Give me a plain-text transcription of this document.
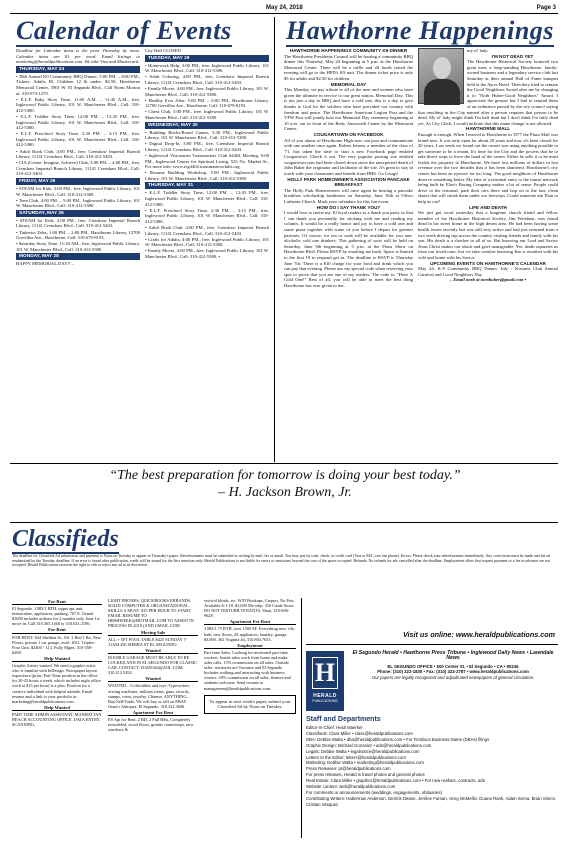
May 24, 2018	Page 3
Calendar of Events

Deadline for Calendar items is the prior Thursday by noon. Calendar items are $1 per word. Email listings to marketing@heraldpublications.com. We take Visa and Mastercard.

THURSDAY, MAY 24

• 38th Annual K9 Community BBQ Dinner, 5:00 PM. – 8:00 PM., Tickets: Adults $5, Children 12 & under: $2.50, Hawthorne Memorial Center, 3901 W. El Segundo Blvd., Call Norm Morton at: 310-973-1270.

• E.L.F. Baby Story Time, 11:00 A.M. – 11:45 A.M., free, Inglewood Public Library, 101 W. Manchester Blvd., Call: 310-412-5380.

• E.L.F. Toddler Story Time, 12:00 PM. – 12:45 PM., free, Inglewood Public Library, 101 W. Manchester Blvd., Call: 310-412-5380.

• E.L.F. Preschool Story Time, 2:30 PM. – 3:15 PM., free, Inglewood Public Library, 101 W. Manchester Blvd., Call: 310-412-5380.

• Adult Book Club, 4:00 PM., free, Crenshaw Imperial Branch Library, 11141 Crenshaw Blvd., Call: 310-412-5403.

• CIA (Create, Imagine, Achieve) Club, 3:00 PM. – 4:00 PM., free, Crenshaw Imperial Branch Library, 11141 Crenshaw Blvd., Call: 310-412-5403.

FRIDAY, MAY 25

• STEAM for Kids, 3:00 PM., free, Inglewood Public Library, 101 W. Manchester Blvd., Call: 310-412-5380.

• Teen Club, 4:00 PM. – 5:00 PM., Inglewood Public Library, 101 W. Manchester Blvd., Call: 310-412-5380.

SATURDAY, MAY 26

• STEAM for Kids, 2:00 PM., free, Crenshaw Imperial Branch Library, 11141 Crenshaw Blvd., Call: 310-412-5403.

• Tinkertot Tales, 1:00 PM. – 2:00 PM., Hawthorne Library, 12700 Grevillea Ave., Hawthorne, Call: 310-679-8193.

• Saturday Story Time, 11:30 AM., free, Inglewood Public Library, 101 W. Manchester Blvd., Call: 310-412-5380.

MONDAY, MAY 28

HAPPY MEMORIAL DAY!! –

City Hall CLOSED

TUESDAY, MAY 29

• Homework Help, 3:00 PM., free, Inglewood Public Library, 101 W. Manchester Blvd., Call: 310-412-5380.

• Adult Coloring, 4:00 PM., free, Crenshaw Imperial Branch Library, 11141 Crenshaw Blvd., Call: 310-412-5403.

• Family Movie, 4:00 PM., free, Inglewood Public Library, 101 W. Manchester Blvd., Call: 310-412-5380.

• Healthy Ever After, 5:00 PM. – 6:00 PM., Hawthorne Library, 12700 Grevillea Ave., Hawthorne, Call: 310-679-8193.

• Chess Club, 5:00 PM., free, Inglewood Public Library, 101 W. Manchester Blvd., Call: 310-412-5380.

WEDNESDAY, MAY 30

• Building Bricks/Board Games, 3:30 PM., Inglewood Public Library, 101 W. Manchester Blvd., Call: 310-412-5380.

• Digital Drop-In, 3:00 PM., free, Crenshaw Imperial Branch Library, 11141 Crenshaw Blvd., Call: 310-412-5403.

• Inglewood Visionaries Toastmasters Club #4404 Meeting, 6:00 PM., Inglewood Center for Spiritual Living, 525 No. Market St., For more info: www.ivg4404.toastmastersclubs.org.

• Resume Building Workshop, 5:00 PM., Inglewood Public Library, 101 W. Manchester Blvd., Call: 310-412-5380.

THURSDAY, MAY 31

• E.L.F. Toddler Story Time, 12:00 PM. – 12:45 PM., free, Inglewood Public Library, 101 W. Manchester Blvd., Call: 310-412-5380.

• E.L.F. Preschool Story Time, 2:30 PM. – 3:15 PM., free, Inglewood Public Library, 101 W. Manchester Blvd., Call: 310-412-5380.

• Adult Book Club, 4:00 PM., free, Crenshaw Imperial Branch Library, 11141 Crenshaw Blvd., Call: 310-412-5403.

• Crafts for Adults, 4:00 PM., free, Inglewood Public Library, 101 W. Manchester Blvd., Call: 310-412-5380.

• Family Movie, 4:00 PM., free, Inglewood Public Library, 101 W. Manchester Blvd., Call: 310-412-5380. •

Hawthorne Happenings

HAWTHORNE HAPPENINGS COMMUNITY K9 DINNER

The Hawthorne Presidents Council will be hosting a community BBQ dinner this Thursday, May 24 beginning at 5 p.m. at the Hawthorne Memorial Center. There will be a raffle and all funds raised the evening will go to the HPD's K9 unit. The dinner ticket price is only $5 for adults and $2.50 for children.

MEMORIAL DAY

This Monday, we pay tribute to all of the men and women who have given the ultimate in service to our great nation, Memorial Day. This is not just a day to BBQ and have a cold one, this is a day to give thanks to God for the soldiers who have provided our country with freedom and peace. The Hawthorne American Legion Post and the VFW Post will jointly host our Memorial Day ceremony beginning at 10 a.m. out in front of the Betty Ainsworth Center by the Memorial Center.

COUGARTOWN ON FACEBOOK

All of you alums of Hawthorne High now can post and communicate with one another once again. Robert Jensen, a member of the class of '71, has taken the time to start a new Facebook page entitled Cougartown. Check it out. The very popular posting site entitled cougartown.com had been closed down since the unexpected death of John Baker the originator and facilitator of the site. It's great to stay in touch with your classmates and friends from HHS. Go Cougs!

HOLLY PARK HOMEOWNER'S ASSOCIATION PANCAKE BREAKFAST

The Holly Park Homeowners will once again be hosting a pancake breakfast scholarship fundraiser on Saturday, June 16th at Oliver Lutheran Church. Mark your calendars for this fun event.

HOW DO I SAY THANK YOU?

I would love to invite my 10 loyal readers to a thank you party so that I can thank you personally for sticking with me and reading my column. It would be a really honor and joy to have a cold one and some pizza together with some of you before I depart for greener pastures. Of course, ice tea or soda will be available for you non-alcoholic cold one drinkers. This gathering of sorts will be held on Saturday, June 9th beginning at 5 p.m. at the Pizza Show on Hawthorne Blvd. Please RSVP by emailing me back. Space is limited to the first 10 to respond get in. The deadline to RSVP is Thursday June 7th. There is a $10 charge for your food and drink which you can pay that evening. Please use my special code when reserving your spot to prove that you are one of my readers. The code is: "Have A Cold One!" Best of all, you will be able to meet the best thing Hawthorne has ever given to me,

my ol' lady.

I'M NOT DEAD YET

The Hawthorne Historical Society honored two great men, a long-standing Hawthorne, family-owned business and a legendary service club last Saturday at their annual Hall of Fame banquet held at the Ayres Hotel. Then they tried to remain the Good Neighbors Award after me by changing it to "Norb Huber-Good Neighbors" Award. I appreciate the gesture but I had to remind them of an ordinance passed by the city council saying that anything in the City named after a person requires that person to be dead. My ol' lady might think I'm half dead but I don't think I'm fully dead yet. As City Clerk, I would indicate that this name change is not allowed.

HAWTHORNE MALL

Enough is enough. When I moved to Hawthorne in 1977 the Plaza Mall was brand new. It was only open for about 20 years and now it's been closed for 20 years. Last week we found out the owner was using anything possible to get someone to be a tenant. It's time for the City and the powers that be to take direct steps to force the hand of the owner. Either he sells it or he must forfeit the property to Hawthorne. We have lost millions of dollars in lost revenue over the two decades that it has been shuttered. Hawthorne's city center has been an eyesore far too long. The good neighbors of Hawthorne deserve something better. My idea of a terminal entry to the transit network being built by Elon's Boring Company makes a lot of sense. People could drive to the terminal, park their cars there and hop on to the fast, clean skates that will whisk them under our freeways. Could someone ask Elon to help us out?

LIFE AND DEATH

We just got word yesterday that a longtime church friend and fellow member of the Hawthorne Historical Society, Jim Weisbaur, was found dead in his street home in the high desert area. He had been having some health issues recently but was still very active and had just returned from a two week driving trip across the country visiting friends and family with his son. His death is a shocker to all of us. But knowing our Lord and Savior Jesus Christ makes our shock and grief manageable. Yes, death separates us from our loved ones, but we take comfort knowing Jim is reunited with his wife and home with his Savior.

UPCOMING EVENTS ON HAWTHORNE'S CALENDAR

May 24: K-9 Community BBQ Dinner. July - Kiwanis Club Annual Carnival and Good Neighbors Day

– Email norb at northuber@gmail.com •

“The best preparation for tomorrow is doing your best today.”
– H. Jackson Brown, Jr.
Classifieds
The deadline for Classified Ad submission and payment is Noon on Tuesday to appear in Thursday's paper. Advertisements must be submitted in writing by mail, fax or email. You may pay by cash, check, or credit card (Visa or M/C over the phone). Errors: Please check your advertisement immediately. Any corrections must be made and the ad resubmitted by the Tuesday deadline. If an error is found after publication, credit will be issued for the first insertion only. Herald Publications is not liable for errors or omissions beyond the cost of the space occupied. Refunds: No refunds for ads cancelled after the deadline. Employment offers that request payment or a fee in advance are not accepted. Herald Publications reserves the right to edit or reject any ad at its discretion.
For Rent

El Segundo. 1 BD/1 BTH, upper apt unit, immaculate, appliances, parking, 707 E. Grand. $1600 includes utilities for 2 months only. June 1st move in. Call 310.365.1460 or 310.641.2196.

For Rent

FOR RENT: 844 Sheldon St., ES. 2 Bed 1 Ba, New Floors, private 1 car garage, avail. 6/01. Triplex - Four Unit. $2400 / 12 L Fully Mgmt. 310-350-6208.

Help Wanted

Graphic Artists wanted. We need a graphic artist, who is familiar with InDesign. Newspaper layout experience (prior, Part-Time position in the office for 20-25 hours a week, which includes night office work at $15 per hour) is a plus. Position for a creative individual with helpful attitude. Email resume and a link to your portfolio to: marketing@heraldpublications.com.

Help Wanted

PART TIME ADMIN ASSISTANT, MANHATTAN BEACH ACCOUNTING OFFICE, DATA ENTRY, SCANNING,

LIGHT PHONES, QUICKBOOKS ERRANDS. SOLID COMPUTER & ORGANIZATIONAL SKILLS A MUST. $15 PER HOUR TO START, EMAIL RESUME TO HRSHWEEK@HOTMAIL.COM TO ASSIST IN PROCESS IN 2018 (AND GMAIL.COM

Moving Sale

ALL + 5FT POOL TABLE $425 SUNDAY 7-11AM 430 SIERRA ST EL SEGUNDO.

Wanted

DOUBLE GARAGE MUST BE ABLE TO BE LOCKED AND IN EL SEGUNDO FOR CLASSIC CAR. CONTACT: DAD5364@AOL.COM, 310.213.5492.

Wanted

WANTED... Collectibles and toys. Typewriters, sewing machines, military items, guns, records, stamps, coins, jewelry, Chinese, ANYTHING... Buy/Sell/Trade. We will buy or sell on EBAY. Giant's Antiques, El Segundo. 310.322.3606.

Apartment For Rent

ES Apt for Rent. 2 BD, 2 Full Bths, Completely remodeled, wood floors, granite countertops, new windows &

vertical blinds, etc. W/D Hookups, Carport, No Pets. Available 6-1-18. $2,600 Mo+dep. 310 Castle Snow. DO NOT DISTURB TENANTS. Shari, 310-606-9628.

Apartment For Rent

3 BD/1.75 BTH, over 1500 SF. Everything new: tile, bath, new floors, 2S appliances, laundry, garage. $3,800. 362 Virginia #4, 310.863.7653.

Employment

Part-time Sales. Looking for motivated part-time workers. Inside sales work from home and make sales calls. 15% commission on all sales. Outside sales: territories are Torrance and El Segundo. Includes walking and interacting with business owners. 20% commission on all sales. Seniors and students welcome. Send resume to management@heraldpublications.com.

To appear in next week's paper, submit your Classified Ad by Noon on Tuesday.
Visit us online: www.heraldpublications.com
H
HERALD
PUBLICATIONS
El Segundo Herald • Hawthorne Press Tribune • Inglewood Daily News • Lawndale News
EL SEGUNDO OFFICE • 500 Center St. • El Segundo • CA • 90245
Phone: (310) 322-1830 • Fax: (310) 322-2787 • www.heraldpublications.com
Our papers are legally recognized and adjudicated newspapers of general circulation.
Staff and Departments
Editor-In-Chief: Heidi Maerker
Classifieds: Clara Miller • class@heraldpublications.com
DBA: Debbie Walta • dba@heraldpublications.com • For Fictitious Business Name (DBAs) filings
Graphic Design: Michael Gonzalez • ads@heraldpublications.com
Legals: Debbie Walta • legalnotice@heraldpublications.com
Letters to the Editor: letters@heraldpublications.com
Marketing: Debbie Walta • marketing@heraldpublications.com
Press Releases: pr@heraldpublications.com
For press releases, Herald is travel photos and general photos
Real Estate: Clara Miller • graphics@heraldpublications.com • For new realtors, contracts, ads
Website content: web@heraldpublications.com
For comments or announcements (weddings, engagements, obituaries)
Contributing Writers: Haberman Anderson, Derrick Deane, Jerrilee Farnan, Greg McMellin, Duane Rank, Adam Serna, Brian Simmi, Cristian Vasquez
